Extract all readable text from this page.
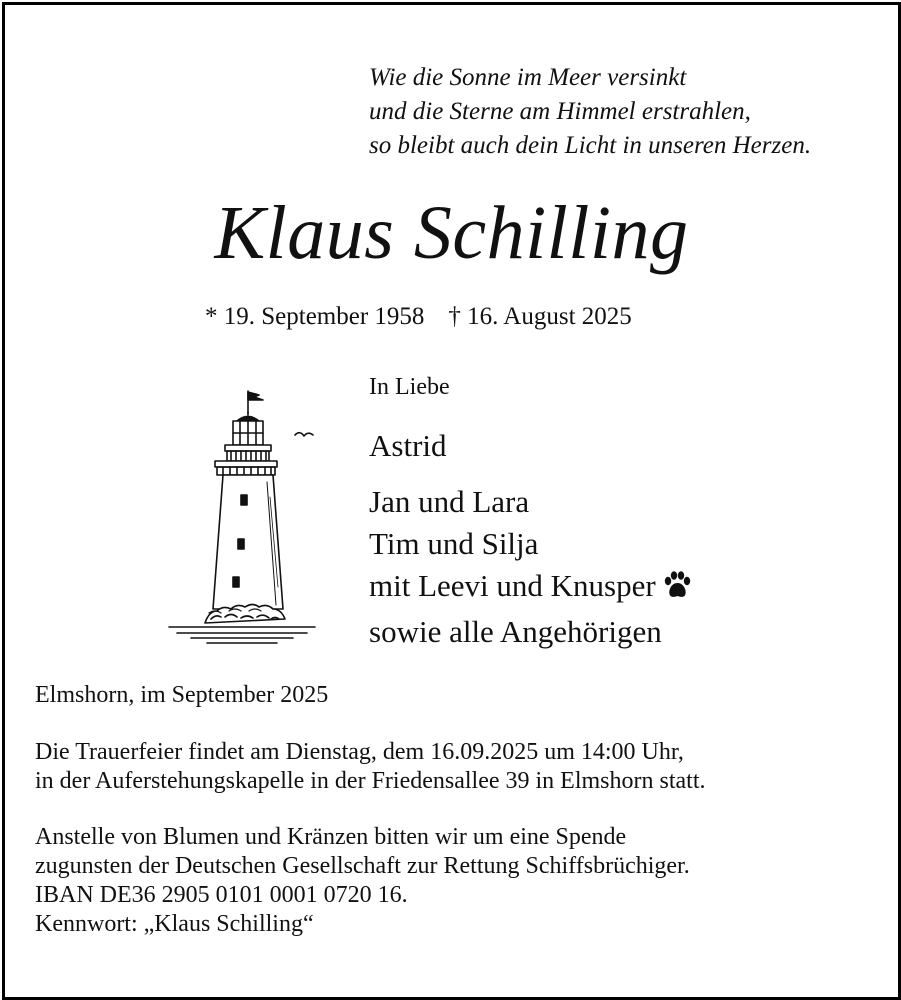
Wie die Sonne im Meer versinkt
und die Sterne am Himmel erstrahlen,
so bleibt auch dein Licht in unseren Herzen.
Klaus Schilling
* 19. September 1958 † 16. August 2025
In Liebe
Astrid
Jan und Lara
Tim und Silja
mit Leevi und Knusper
sowie alle Angehörigen
Elmshorn, im September 2025
Die Trauerfeier findet am Dienstag, dem 16.09.2025 um 14:00 Uhr,
in der Auferstehungskapelle in der Friedensallee 39 in Elmshorn statt.
Anstelle von Blumen und Kränzen bitten wir um eine Spende
zugunsten der Deutschen Gesellschaft zur Rettung Schiffsbrüchiger.
IBAN DE36 2905 0101 0001 0720 16.
Kennwort: „Klaus Schilling“
